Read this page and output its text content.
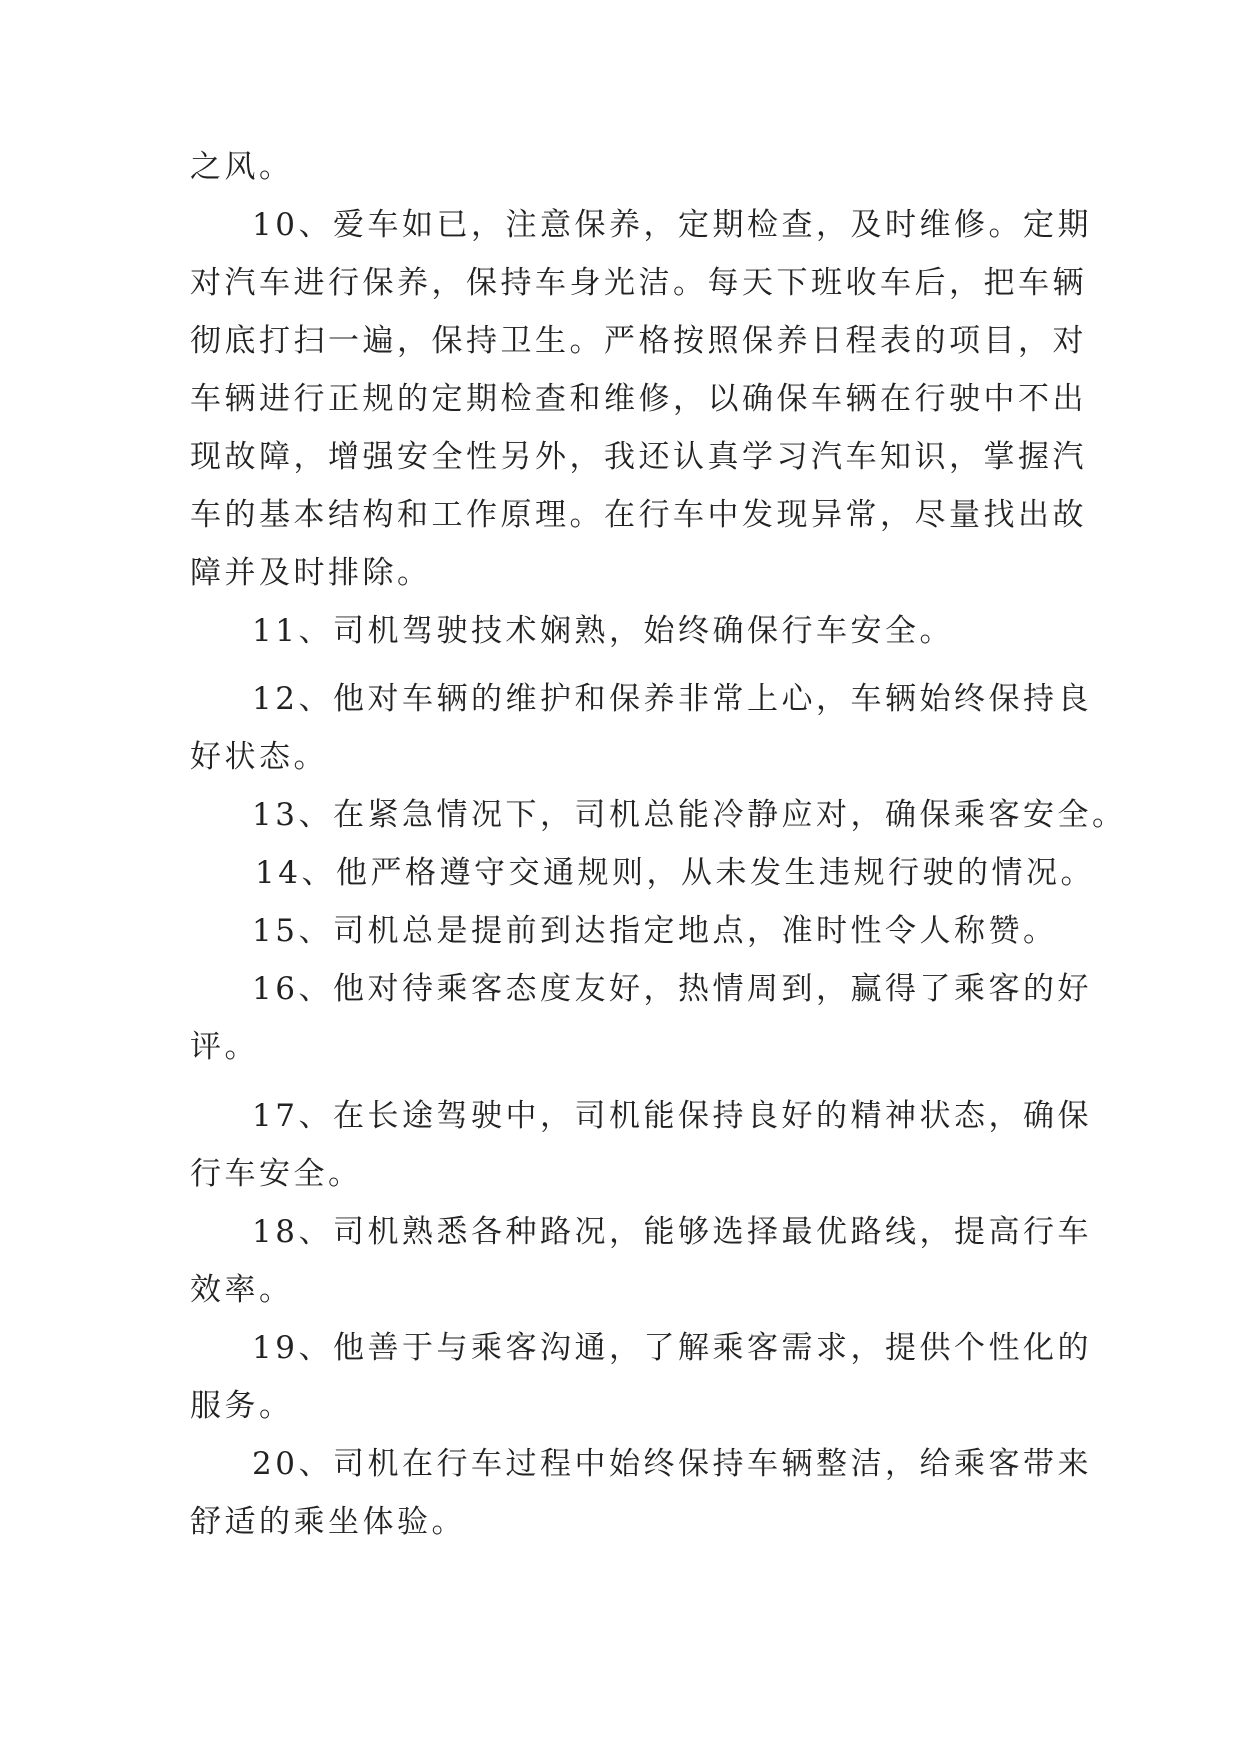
之风。
10、爱车如已，注意保养，定期检查，及时维修。定期
对汽车进行保养，保持车身光洁。每天下班收车后，把车辆
彻底打扫一遍，保持卫生。严格按照保养日程表的项目，对
车辆进行正规的定期检查和维修，以确保车辆在行驶中不出
现故障，增强安全性另外，我还认真学习汽车知识，掌握汽
车的基本结构和工作原理。在行车中发现异常，尽量找出故
障并及时排除。
11、司机驾驶技术娴熟，始终确保行车安全。
12、他对车辆的维护和保养非常上心，车辆始终保持良
好状态。
13、在紧急情况下，司机总能冷静应对，确保乘客安全。
14、他严格遵守交通规则，从未发生违规行驶的情况。
15、司机总是提前到达指定地点，准时性令人称赞。
16、他对待乘客态度友好，热情周到，赢得了乘客的好
评。
17、在长途驾驶中，司机能保持良好的精神状态，确保
行车安全。
18、司机熟悉各种路况，能够选择最优路线，提高行车
效率。
19、他善于与乘客沟通，了解乘客需求，提供个性化的
服务。
20、司机在行车过程中始终保持车辆整洁，给乘客带来
舒适的乘坐体验。
